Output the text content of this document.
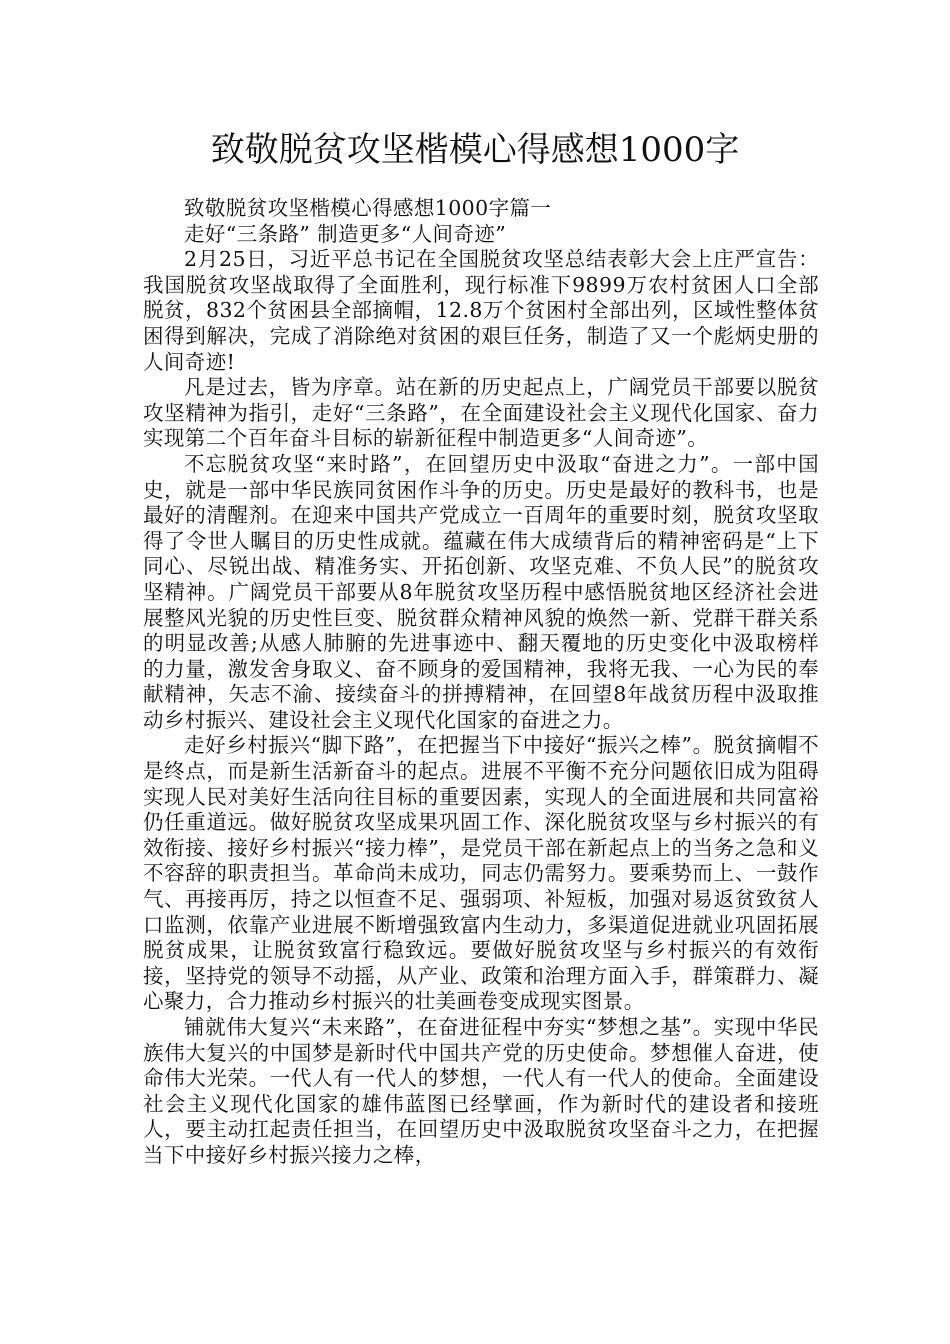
致敬脱贫攻坚楷模心得感想1000字

致敬脱贫攻坚楷模心得感想1000字篇一

走好“三条路” 制造更多“人间奇迹”

2月25日，习近平总书记在全国脱贫攻坚总结表彰大会上庄严宣告：我国脱贫攻坚战取得了全面胜利，现行标准下9899万农村贫困人口全部脱贫，832个贫困县全部摘帽，12.8万个贫困村全部出列，区域性整体贫困得到解决，完成了消除绝对贫困的艰巨任务，制造了又一个彪炳史册的人间奇迹!

凡是过去，皆为序章。站在新的历史起点上，广阔党员干部要以脱贫攻坚精神为指引，走好“三条路”，在全面建设社会主义现代化国家、奋力实现第二个百年奋斗目标的崭新征程中制造更多“人间奇迹”。

不忘脱贫攻坚“来时路”，在回望历史中汲取“奋进之力”。一部中国史，就是一部中华民族同贫困作斗争的历史。历史是最好的教科书，也是最好的清醒剂。在迎来中国共产党成立一百周年的重要时刻，脱贫攻坚取得了令世人瞩目的历史性成就。蕴藏在伟大成绩背后的精神密码是“上下同心、尽锐出战、精准务实、开拓创新、攻坚克难、不负人民”的脱贫攻坚精神。广阔党员干部要从8年脱贫攻坚历程中感悟脱贫地区经济社会进展整风光貌的历史性巨变、脱贫群众精神风貌的焕然一新、党群干群关系的明显改善;从感人肺腑的先进事迹中、翻天覆地的历史变化中汲取榜样的力量，激发舍身取义、奋不顾身的爱国精神，我将无我、一心为民的奉献精神，矢志不渝、接续奋斗的拼搏精神，在回望8年战贫历程中汲取推动乡村振兴、建设社会主义现代化国家的奋进之力。

走好乡村振兴“脚下路”，在把握当下中接好“振兴之棒”。脱贫摘帽不是终点，而是新生活新奋斗的起点。进展不平衡不充分问题依旧成为阻碍实现人民对美好生活向往目标的重要因素，实现人的全面进展和共同富裕仍任重道远。做好脱贫攻坚成果巩固工作、深化脱贫攻坚与乡村振兴的有效衔接、接好乡村振兴“接力棒”，是党员干部在新起点上的当务之急和义不容辞的职责担当。革命尚未成功，同志仍需努力。要乘势而上、一鼓作气、再接再厉，持之以恒查不足、强弱项、补短板，加强对易返贫致贫人口监测，依靠产业进展不断增强致富内生动力，多渠道促进就业巩固拓展脱贫成果，让脱贫致富行稳致远。要做好脱贫攻坚与乡村振兴的有效衔接，坚持党的领导不动摇，从产业、政策和治理方面入手，群策群力、凝心聚力，合力推动乡村振兴的壮美画卷变成现实图景。

铺就伟大复兴“未来路”，在奋进征程中夯实“梦想之基”。实现中华民族伟大复兴的中国梦是新时代中国共产党的历史使命。梦想催人奋进，使命伟大光荣。一代人有一代人的梦想，一代人有一代人的使命。全面建设社会主义现代化国家的雄伟蓝图已经擘画，作为新时代的建设者和接班人，要主动扛起责任担当，在回望历史中汲取脱贫攻坚奋斗之力，在把握当下中接好乡村振兴接力之棒，
